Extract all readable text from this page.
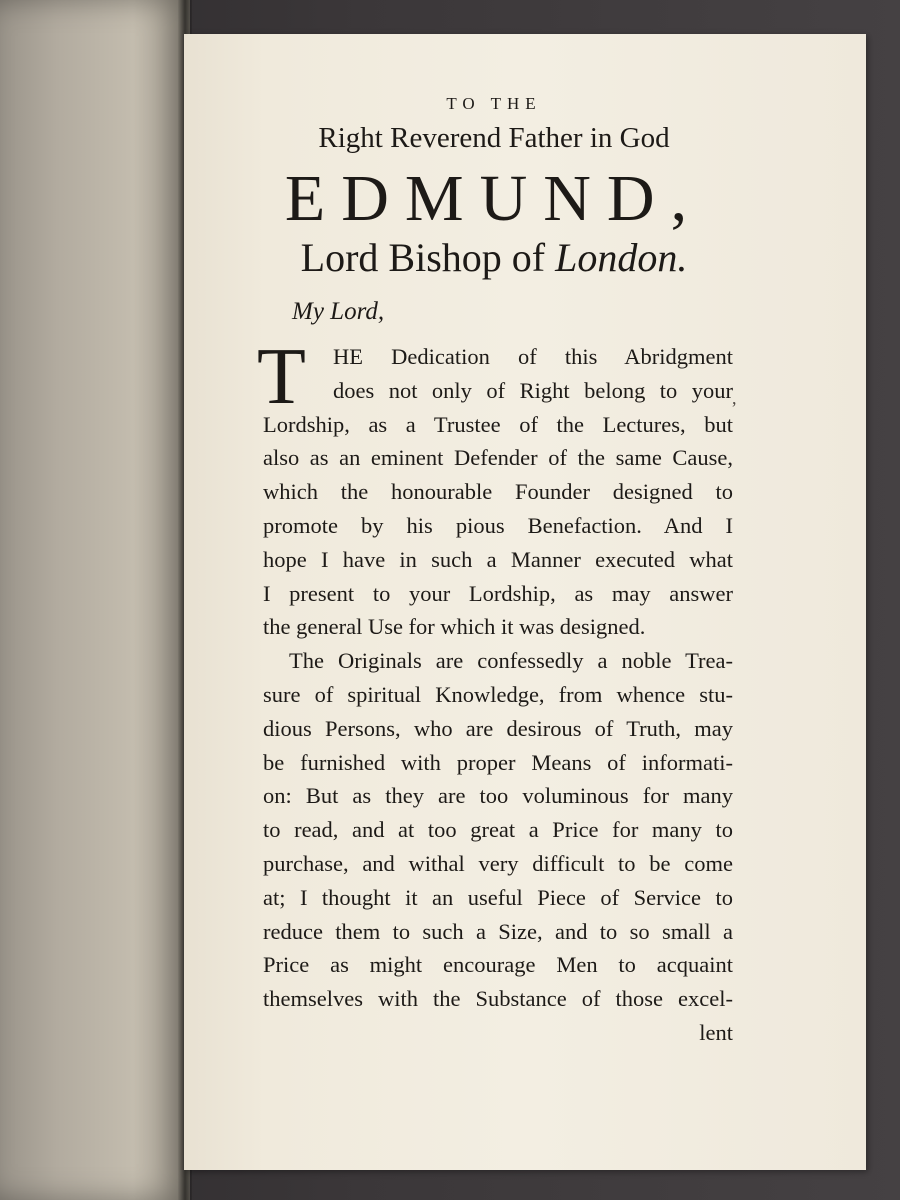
TO THE
Right Reverend Father in God
EDMUND,
Lord Bishop of London.
My Lord,
T	HE Dedication of this Abridgment
does not only of Right belong to your
Lordship, as a Trustee of the Lectures, but
also as an eminent Defender of the same Cause,
which the honourable Founder designed to
promote by his pious Benefaction. And I
hope I have in such a Manner executed what
I present to your Lordship, as may answer
the general Use for which it was designed.
The Originals are confessedly a noble Trea-
sure of spiritual Knowledge, from whence stu-
dious Persons, who are desirous of Truth, may
be furnished with proper Means of informati-
on: But as they are too voluminous for many
to read, and at too great a Price for many to
purchase, and withal very difficult to be come
at; I thought it an useful Piece of Service to
reduce them to such a Size, and to so small a
Price as might encourage Men to acquaint
themselves with the Substance of those excel-
lent
,
